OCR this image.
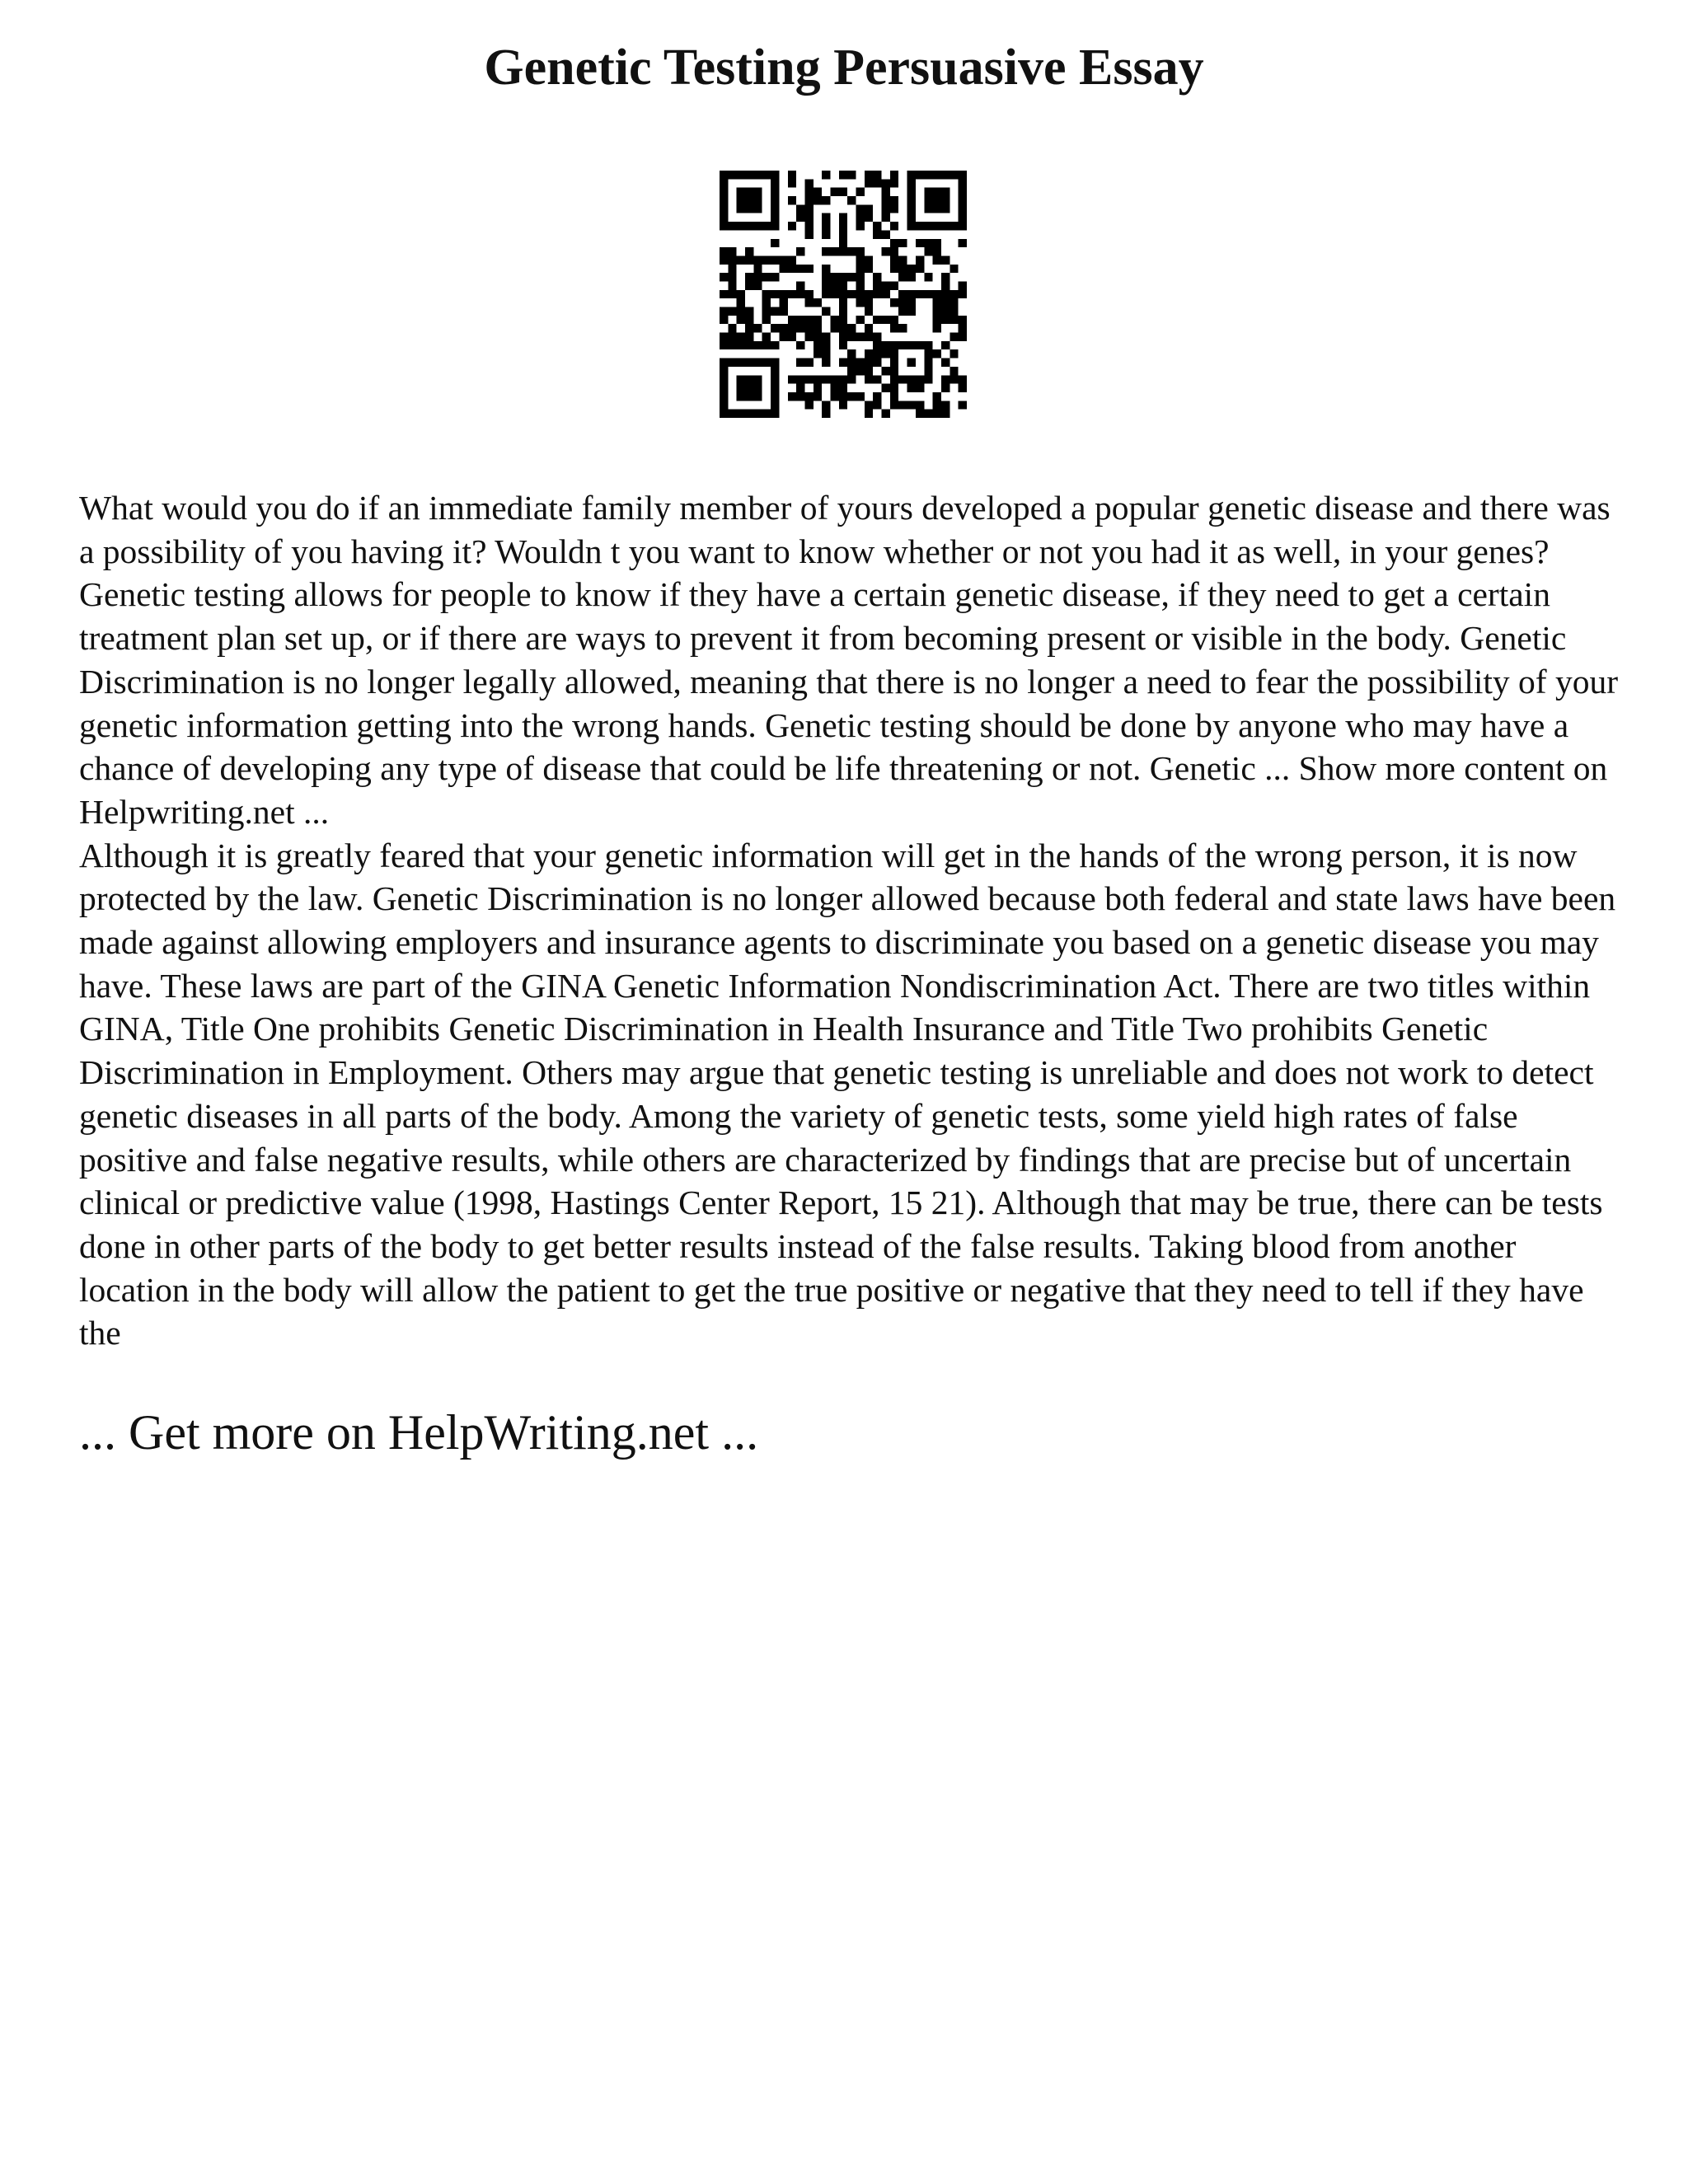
Genetic Testing Persuasive Essay

What would you do if an immediate family member of yours developed a popular genetic disease and there was a possibility of you having it? Wouldn t you want to know whether or not you had it as well, in your genes? Genetic testing allows for people to know if they have a certain genetic disease, if they need to get a certain treatment plan set up, or if there are ways to prevent it from becoming present or visible in the body. Genetic Discrimination is no longer legally allowed, meaning that there is no longer a need to fear the possibility of your genetic information getting into the wrong hands. Genetic testing should be done by anyone who may have a chance of developing any type of disease that could be life threatening or not. Genetic ... Show more content on Helpwriting.net ...

Although it is greatly feared that your genetic information will get in the hands of the wrong person, it is now protected by the law. Genetic Discrimination is no longer allowed because both federal and state laws have been made against allowing employers and insurance agents to discriminate you based on a genetic disease you may have. These laws are part of the GINA Genetic Information Nondiscrimination Act. There are two titles within GINA, Title One prohibits Genetic Discrimination in Health Insurance and Title Two prohibits Genetic Discrimination in Employment. Others may argue that genetic testing is unreliable and does not work to detect genetic diseases in all parts of the body. Among the variety of genetic tests, some yield high rates of false positive and false negative results, while others are characterized by findings that are precise but of uncertain clinical or predictive value (1998, Hastings Center Report, 15 21). Although that may be true, there can be tests done in other parts of the body to get better results instead of the false results. Taking blood from another location in the body will allow the patient to get the true positive or negative that they need to tell if they have the

... Get more on HelpWriting.net ...
